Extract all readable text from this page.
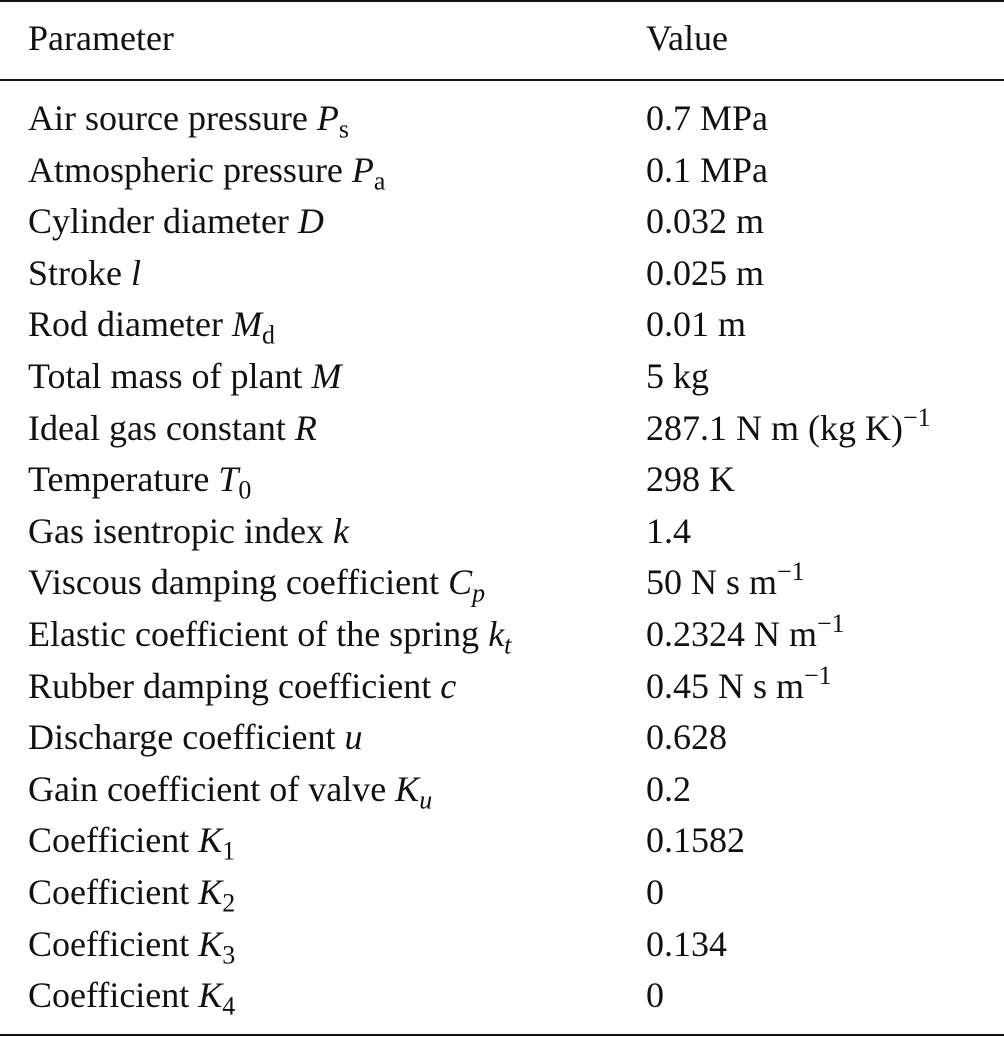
Parameter	Value
Air source pressure $P_s$	0.7 MPa
Atmospheric pressure $P_a$	0.1 MPa
Cylinder diameter D	0.032 m
Stroke l	0.025 m
Rod diameter $M_d$	0.01 m
Total mass of plant M	5 kg
Ideal gas constant R	287.1 N m (kg K)$^{-1}$
Temperature $T_0$	298 K
Gas isentropic index k	1.4
Viscous damping coefficient $C_p$	50 N s $m^{-1}$
Elastic coefficient of the spring $k_t$	0.2324 N $m^{-1}$
Rubber damping coefficient c	0.45 N s $m^{-1}$
Discharge coefficient u	0.628
Gain coefficient of valve $K_u$	0.2
Coefficient $K_1$	0.1582
Coefficient $K_2$	0
Coefficient $K_3$	0.134
Coefficient $K_4$	0
